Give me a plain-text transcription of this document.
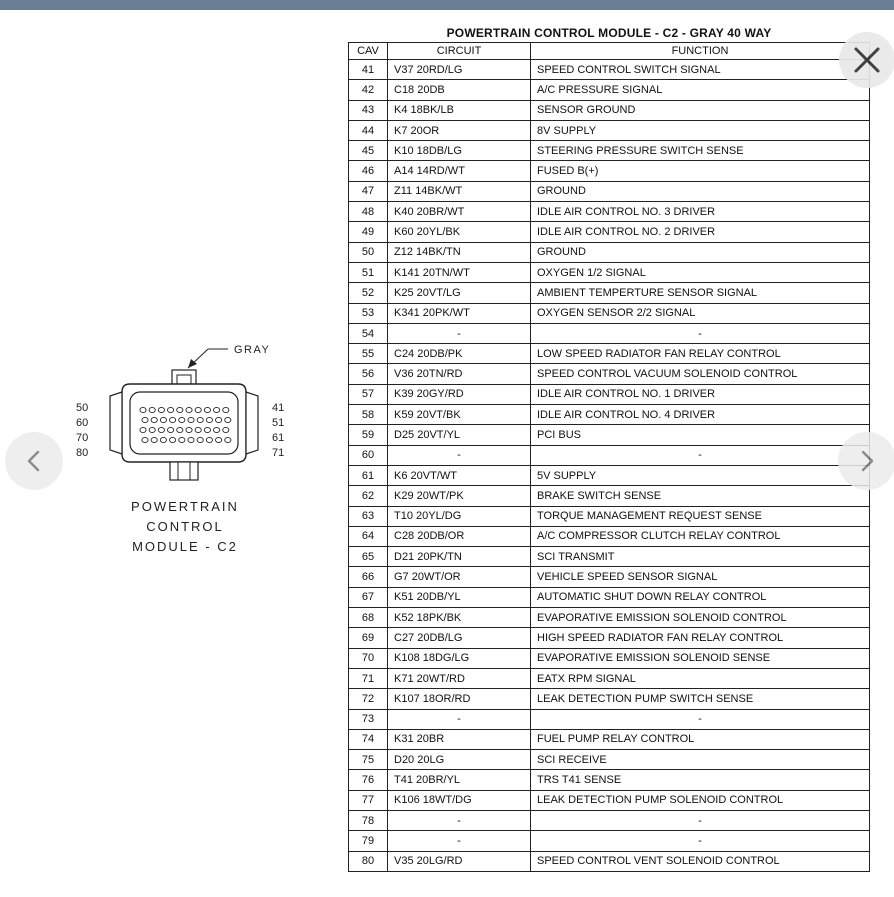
POWERTRAIN CONTROL MODULE - C2 - GRAY 40 WAY
CAV	CIRCUIT	FUNCTION
41	V37 20RD/LG	SPEED CONTROL SWITCH SIGNAL
42	C18 20DB	A/C PRESSURE SIGNAL
43	K4 18BK/LB	SENSOR GROUND
44	K7 20OR	8V SUPPLY
45	K10 18DB/LG	STEERING PRESSURE SWITCH SENSE
46	A14 14RD/WT	FUSED B(+)
47	Z11 14BK/WT	GROUND
48	K40 20BR/WT	IDLE AIR CONTROL NO. 3 DRIVER
49	K60 20YL/BK	IDLE AIR CONTROL NO. 2 DRIVER
50	Z12 14BK/TN	GROUND
51	K141 20TN/WT	OXYGEN 1/2 SIGNAL
52	K25 20VT/LG	AMBIENT TEMPERTURE SENSOR SIGNAL
53	K341 20PK/WT	OXYGEN SENSOR 2/2 SIGNAL
54	-	-
55	C24 20DB/PK	LOW SPEED RADIATOR FAN RELAY CONTROL
56	V36 20TN/RD	SPEED CONTROL VACUUM SOLENOID CONTROL
57	K39 20GY/RD	IDLE AIR CONTROL NO. 1 DRIVER
58	K59 20VT/BK	IDLE AIR CONTROL NO. 4 DRIVER
59	D25 20VT/YL	PCI BUS
60	-	-
61	K6 20VT/WT	5V SUPPLY
62	K29 20WT/PK	BRAKE SWITCH SENSE
63	T10 20YL/DG	TORQUE MANAGEMENT REQUEST SENSE
64	C28 20DB/OR	A/C COMPRESSOR CLUTCH RELAY CONTROL
65	D21 20PK/TN	SCI TRANSMIT
66	G7 20WT/OR	VEHICLE SPEED SENSOR SIGNAL
67	K51 20DB/YL	AUTOMATIC SHUT DOWN RELAY CONTROL
68	K52 18PK/BK	EVAPORATIVE EMISSION SOLENOID CONTROL
69	C27 20DB/LG	HIGH SPEED RADIATOR FAN RELAY CONTROL
70	K108 18DG/LG	EVAPORATIVE EMISSION SOLENOID SENSE
71	K71 20WT/RD	EATX RPM SIGNAL
72	K107 18OR/RD	LEAK DETECTION PUMP SWITCH SENSE
73	-	-
74	K31 20BR	FUEL PUMP RELAY CONTROL
75	D20 20LG	SCI RECEIVE
76	T41 20BR/YL	TRS T41 SENSE
77	K106 18WT/DG	LEAK DETECTION PUMP SOLENOID CONTROL
78	-	-
79	-	-
80	V35 20LG/RD	SPEED CONTROL VENT SOLENOID CONTROL
GRAY
50
60
70
80
41
51
61
71
POWERTRAIN
CONTROL
MODULE - C2
